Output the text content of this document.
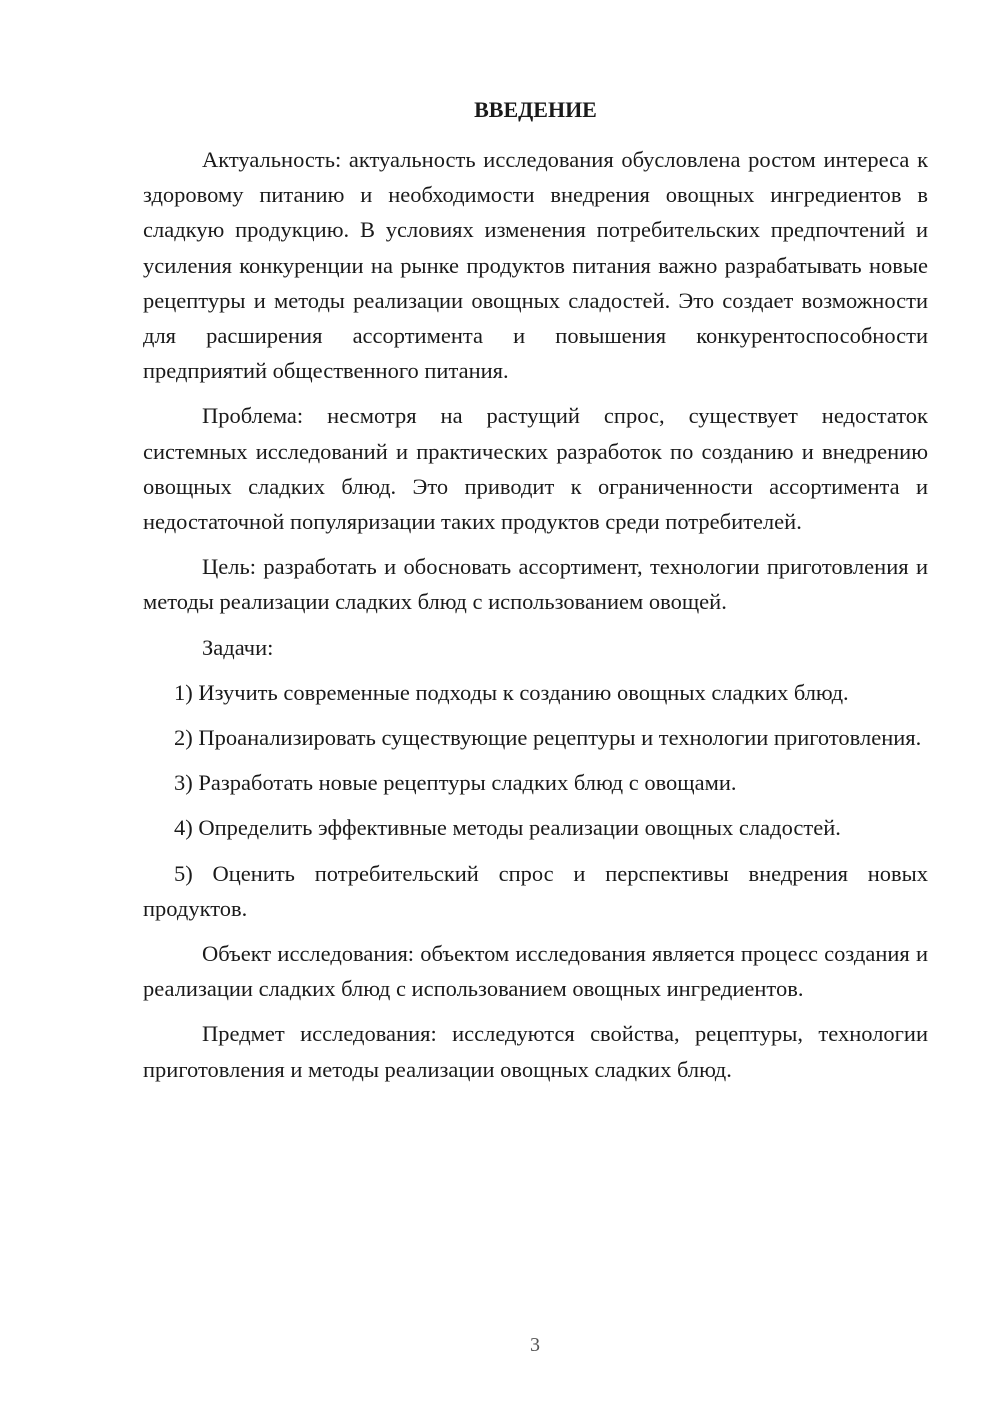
ВВЕДЕНИЕ

Актуальность: актуальность исследования обусловлена ростом интереса к здоровому питанию и необходимости внедрения овощных ингредиентов в сладкую продукцию. В условиях изменения потребительских предпочтений и усиления конкуренции на рынке продуктов питания важно разрабатывать новые рецептуры и методы реализации овощных сладостей. Это создает возможности для расширения ассортимента и повышения конкурентоспособности предприятий общественного питания.

Проблема: несмотря на растущий спрос, существует недостаток системных исследований и практических разработок по созданию и внедрению овощных сладких блюд. Это приводит к ограниченности ассортимента и недостаточной популяризации таких продуктов среди потребителей.

Цель: разработать и обосновать ассортимент, технологии приготовления и методы реализации сладких блюд с использованием овощей.

Задачи:

1) Изучить современные подходы к созданию овощных сладких блюд.

2) Проанализировать существующие рецептуры и технологии приготовления.

3) Разработать новые рецептуры сладких блюд с овощами.

4) Определить эффективные методы реализации овощных сладостей.

5) Оценить потребительский спрос и перспективы внедрения новых продуктов.

Объект исследования: объектом исследования является процесс создания и реализации сладких блюд с использованием овощных ингредиентов.

Предмет исследования: исследуются свойства, рецептуры, технологии приготовления и методы реализации овощных сладких блюд.

3
